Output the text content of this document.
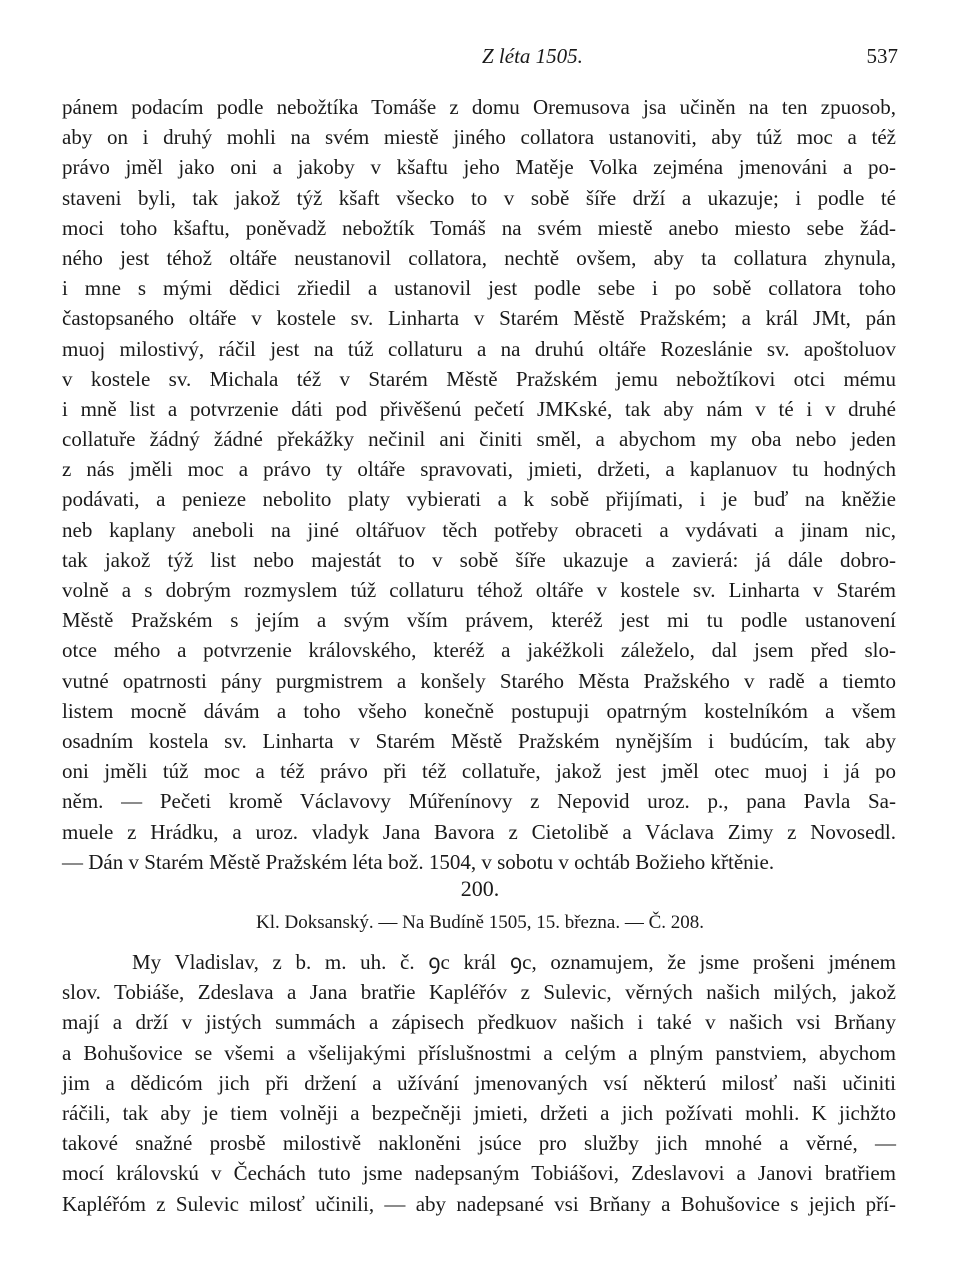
Z léta 1505.	537
pánem podacím podle nebožtíka Tomáše z domu Oremusova jsa učiněn na ten zpuosob,
aby on i druhý mohli na svém miestě jiného collatora ustanoviti, aby túž moc a též
právo jměl jako oni a jakoby v kšaftu jeho Matěje Volka zejména jmenováni a po-
staveni byli, tak jakož týž kšaft všecko to v sobě šíře drží a ukazuje; i podle té
moci toho kšaftu, poněvadž nebožtík Tomáš na svém miestě anebo miesto sebe žád-
ného jest téhož oltáře neustanovil collatora, nechtě ovšem, aby ta collatura zhynula,
i mne s mými dědici zřiedil a ustanovil jest podle sebe i po sobě collatora toho
častopsaného oltáře v kostele sv. Linharta v Starém Městě Pražském; a král JMt, pán
muoj milostivý, ráčil jest na túž collaturu a na druhú oltáře Rozeslánie sv. apoštoluov
v kostele sv. Michala též v Starém Městě Pražském jemu nebožtíkovi otci mému
i mně list a potvrzenie dáti pod přivěšenú pečetí JMKské, tak aby nám v té i v druhé
collatuře žádný žádné překážky nečinil ani činiti směl, a abychom my oba nebo jeden
z nás jměli moc a právo ty oltáře spravovati, jmieti, držeti, a kaplanuov tu hodných
podávati, a penieze nebolito platy vybierati a k sobě přijímati, i je buď na kněžie
neb kaplany aneboli na jiné oltářuov těch potřeby obraceti a vydávati a jinam nic,
tak jakož týž list nebo majestát to v sobě šíře ukazuje a zavierá: já dále dobro-
volně a s dobrým rozmyslem túž collaturu téhož oltáře v kostele sv. Linharta v Starém
Městě Pražském s jejím a svým vším právem, kteréž jest mi tu podle ustanovení
otce mého a potvrzenie královského, kteréž a jakéžkoli záleželo, dal jsem před slo-
vutné opatrnosti pány purgmistrem a konšely Starého Města Pražského v radě a tiemto
listem mocně dávám a toho všeho konečně postupuji opatrným kostelníkóm a všem
osadním kostela sv. Linharta v Starém Městě Pražském nynějším i budúcím, tak aby
oni jměli túž moc a též právo při též collatuře, jakož jest jměl otec muoj i já po
něm. — Pečeti kromě Václavovy Múřenínovy z Nepovid uroz. p., pana Pavla Sa-
muele z Hrádku, a uroz. vladyk Jana Bavora z Cietolibě a Václava Zimy z Novosedl.
— Dán v Starém Městě Pražském léta bož. 1504, v sobotu v ochtáb Božieho křtěnie.
200.
Kl. Doksanský. — Na Budíně 1505, 15. března. — Č. 208.
My Vladislav, z b. m. uh. č. ꝯc král ꝯc, oznamujem, že jsme prošeni jménem
slov. Tobiáše, Zdeslava a Jana bratřie Kapléřóv z Sulevic, věrných našich milých, jakož
mají a drží v jistých summách a zápisech předkuov našich i také v našich vsi Brňany
a Bohušovice se všemi a všelijakými příslušnostmi a celým a plným panstviem, abychom
jim a dědicóm jich při držení a užívání jmenovaných vsí některú milosť naši učiniti
ráčili, tak aby je tiem volněji a bezpečněji jmieti, držeti a jich požívati mohli. K jichžto
takové snažné prosbě milostivě nakloněni jsúce pro služby jich mnohé a věrné, —
mocí královskú v Čechách tuto jsme nadepsaným Tobiášovi, Zdeslavovi a Janovi bratřiem
Kapléřóm z Sulevic milosť učinili, — aby nadepsané vsi Brňany a Bohušovice s jejich pří-
